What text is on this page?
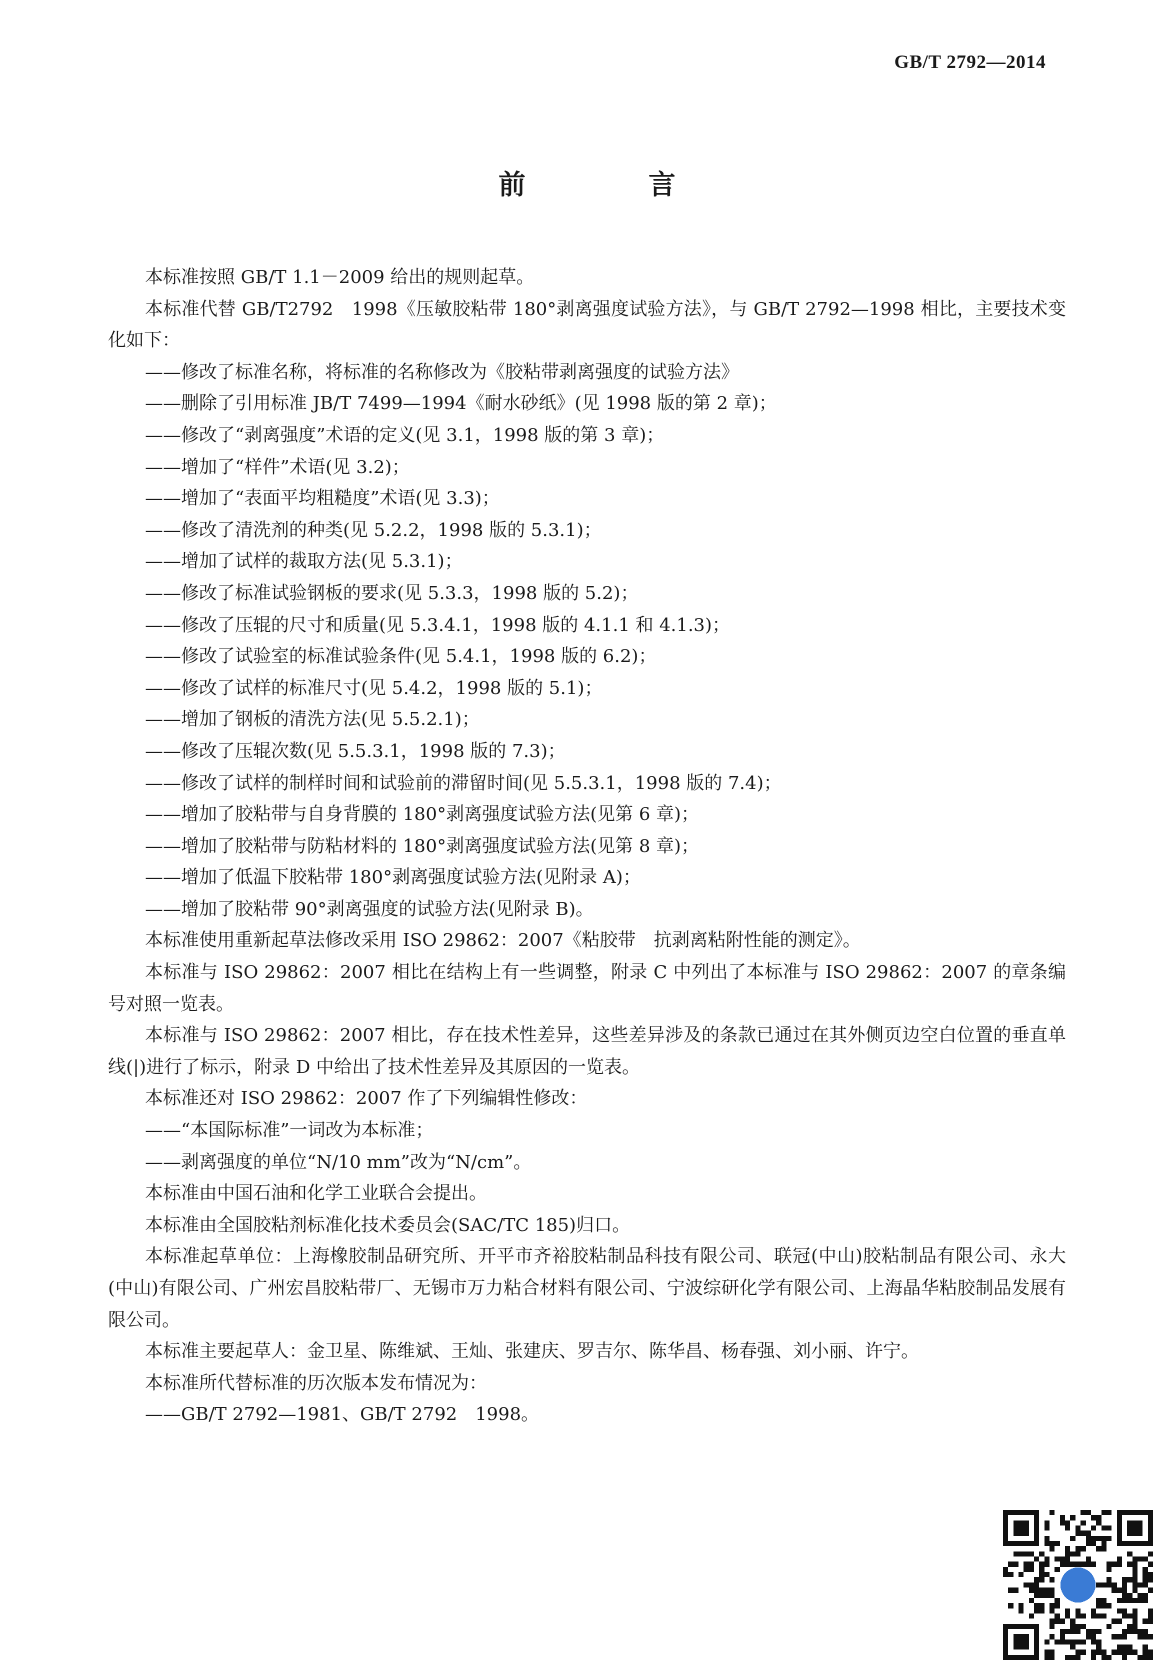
GB/T 2792—2014
前　言

本标准按照 GB/T 1.1－2009 给出的规则起草。

本标准代替 GB/T2792　1998《压敏胶粘带 180°剥离强度试验方法》，与 GB/T 2792—1998 相比，主要技术变化如下：

——修改了标准名称，将标准的名称修改为《胶粘带剥离强度的试验方法》

——删除了引用标准 JB/T 7499—1994《耐水砂纸》(见 1998 版的第 2 章)；

——修改了“剥离强度”术语的定义(见 3.1，1998 版的第 3 章)；

——增加了“样件”术语(见 3.2)；

——增加了“表面平均粗糙度”术语(见 3.3)；

——修改了清洗剂的种类(见 5.2.2，1998 版的 5.3.1)；

——增加了试样的裁取方法(见 5.3.1)；

——修改了标准试验钢板的要求(见 5.3.3，1998 版的 5.2)；

——修改了压辊的尺寸和质量(见 5.3.4.1，1998 版的 4.1.1 和 4.1.3)；

——修改了试验室的标准试验条件(见 5.4.1，1998 版的 6.2)；

——修改了试样的标准尺寸(见 5.4.2，1998 版的 5.1)；

——增加了钢板的清洗方法(见 5.5.2.1)；

——修改了压辊次数(见 5.5.3.1，1998 版的 7.3)；

——修改了试样的制样时间和试验前的滞留时间(见 5.5.3.1，1998 版的 7.4)；

——增加了胶粘带与自身背膜的 180°剥离强度试验方法(见第 6 章)；

——增加了胶粘带与防粘材料的 180°剥离强度试验方法(见第 8 章)；

——增加了低温下胶粘带 180°剥离强度试验方法(见附录 A)；

——增加了胶粘带 90°剥离强度的试验方法(见附录 B)。

本标准使用重新起草法修改采用 ISO 29862：2007《粘胶带　抗剥离粘附性能的测定》。

本标准与 ISO 29862：2007 相比在结构上有一些调整，附录 C 中列出了本标准与 ISO 29862：2007 的章条编号对照一览表。

本标准与 ISO 29862：2007 相比，存在技术性差异，这些差异涉及的条款已通过在其外侧页边空白位置的垂直单线(|)进行了标示，附录 D 中给出了技术性差异及其原因的一览表。

本标准还对 ISO 29862：2007 作了下列编辑性修改：

——“本国际标准”一词改为本标准；

——剥离强度的单位“N/10 mm”改为“N/cm”。

本标准由中国石油和化学工业联合会提出。

本标准由全国胶粘剂标准化技术委员会(SAC/TC 185)归口。

本标准起草单位：上海橡胶制品研究所、开平市齐裕胶粘制品科技有限公司、联冠(中山)胶粘制品有限公司、永大(中山)有限公司、广州宏昌胶粘带厂、无锡市万力粘合材料有限公司、宁波综研化学有限公司、上海晶华粘胶制品发展有限公司。

本标准主要起草人：金卫星、陈维斌、王灿、张建庆、罗吉尔、陈华昌、杨春强、刘小丽、许宁。

本标准所代替标准的历次版本发布情况为：

——GB/T 2792—1981、GB/T 2792　1998。
